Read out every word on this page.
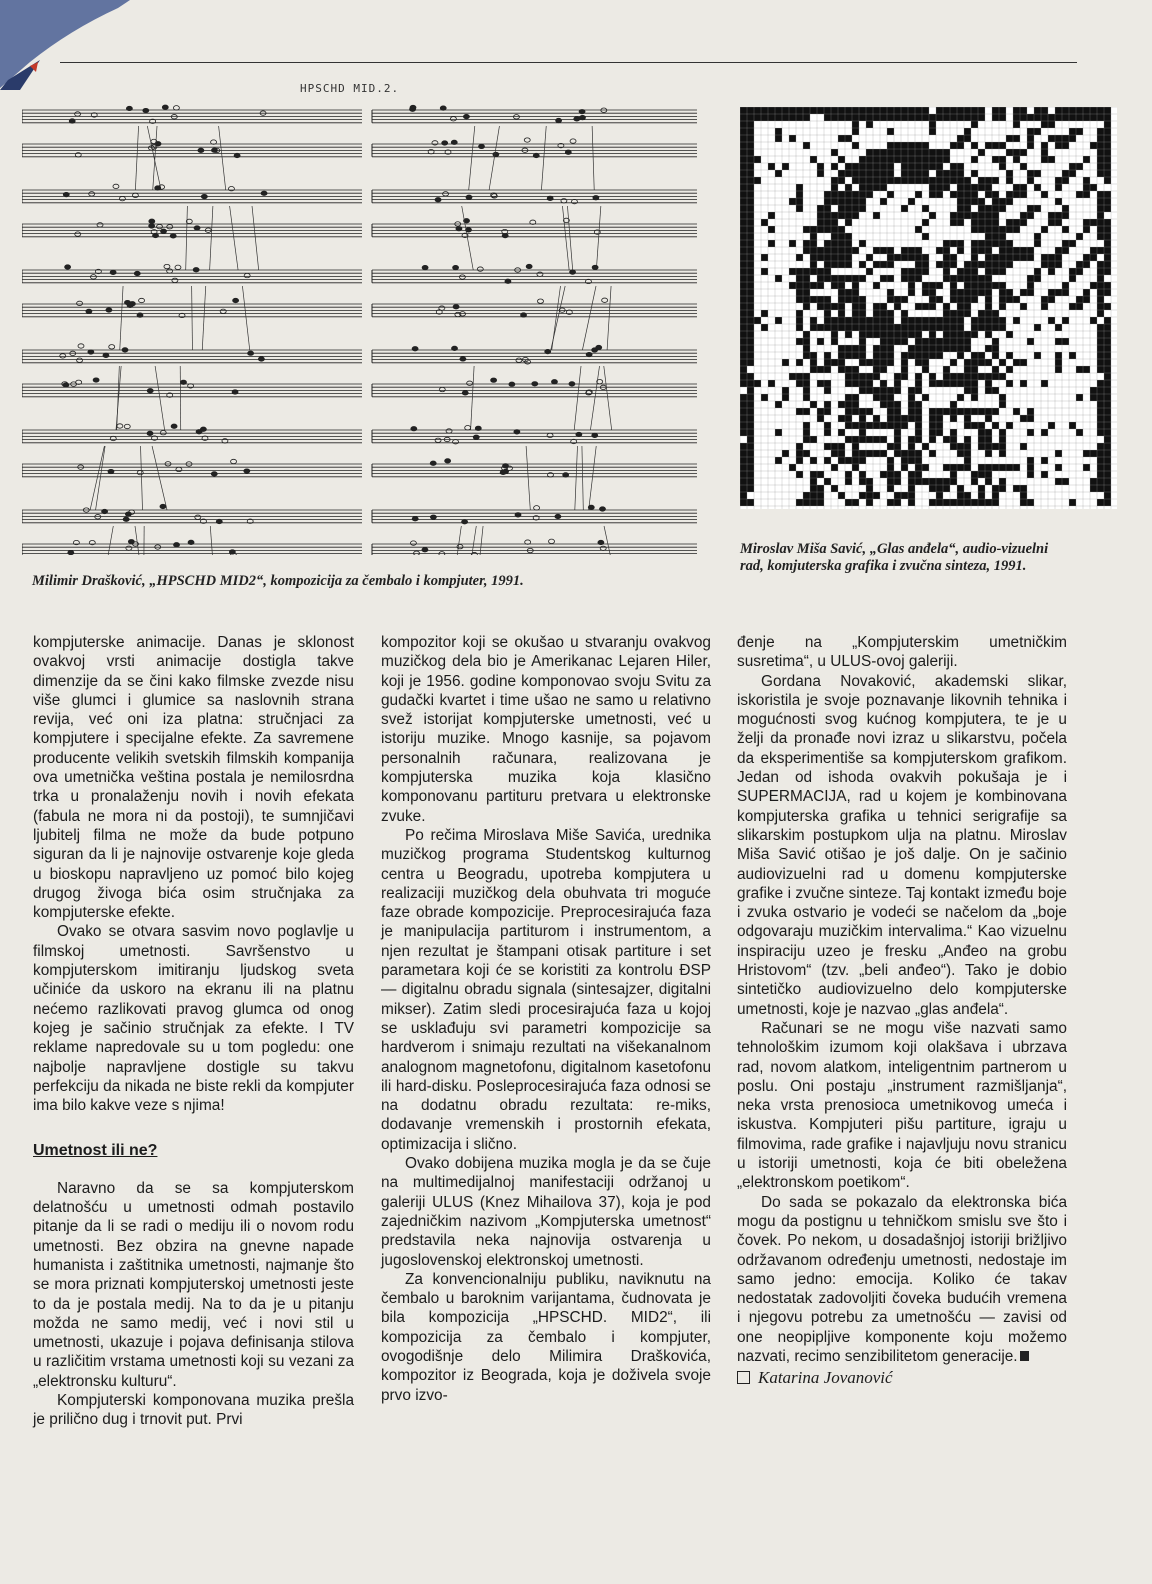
HPSCHD MID.2.
Milimir Drašković, „HPSCHD MID2“, kompozicija za čembalo i kompjuter, 1991.
Miroslav Miša Savić, „Glas anđela“, audio-vizuelni rad, komjuterska grafika i zvučna sinteza, 1991.

kompjuterske animacije. Danas je sklonost ovakvoj vrsti animacije dostigla takve dimenzije da se čini kako filmske zvezde nisu više glumci i glumice sa naslovnih strana revija, već oni iza platna: stručnjaci za kompjutere i specijalne efekte. Za savremene producente velikih svetskih filmskih kompanija ova umetnička veština postala je nemilosrdna trka u pronalaženju novih i novih efekata (fabula ne mora ni da postoji), te sumnjičavi ljubitelj filma ne može da bude potpuno siguran da li je najnovije ostvarenje koje gleda u bioskopu napravljeno uz pomoć bilo kojeg drugog živoga bića osim stručnjaka za kompjuterske efekte.

Ovako se otvara sasvim novo poglavlje u filmskoj umetnosti. Savršenstvo u kompjuterskom imitiranju ljudskog sveta učiniće da uskoro na ekranu ili na platnu nećemo razlikovati pravog glumca od onog kojeg je sačinio stručnjak za efekte. I TV reklame napredovale su u tom pogledu: one najbolje napravljene dostigle su takvu perfekciju da nikada ne biste rekli da kompjuter ima bilo kakve veze s njima!

Umetnost ili ne?

Naravno da se sa kompjuterskom delatnošću u umetnosti odmah postavilo pitanje da li se radi o mediju ili o novom rodu umetnosti. Bez obzira na gnevne napade humanista i zaštitnika umetnosti, najmanje što se mora priznati kompjuterskoj umetnosti jeste to da je postala medij. Na to da je u pitanju možda ne samo medij, već i novi stil u umetnosti, ukazuje i pojava definisanja stilova u različitim vrstama umetnosti koji su vezani za „elektronsku kulturu“.

Kompjuterski komponovana muzika prešla je prilično dug i trnovit put. Prvi

kompozitor koji se okušao u stvaranju ovakvog muzičkog dela bio je Amerikanac Lejaren Hiler, koji je 1956. godine komponovao svoju Svitu za gudački kvartet i time ušao ne samo u relativno svež istorijat kompjuterske umetnosti, već u istoriju muzike. Mnogo kasnije, sa pojavom personalnih računara, realizovana je kompjuterska muzika koja klasično komponovanu partituru pretvara u elektronske zvuke.

Po rečima Miroslava Miše Savića, urednika muzičkog programa Studentskog kulturnog centra u Beogradu, upotreba kompjutera u realizaciji muzičkog dela obuhvata tri moguće faze obrade kompozicije. Preprocesirajuća faza je manipulacija partiturom i instrumentom, a njen rezultat je štampani otisak partiture i set parametara koji će se koristiti za kontrolu ĐSP — digitalnu obradu signala (sintesajzer, digitalni mikser). Zatim sledi procesirajuća faza u kojoj se usklađuju svi parametri kompozicije sa hardverom i snimaju rezultati na višekanalnom analognom magnetofonu, digitalnom kasetofonu ili hard-disku. Posleprocesirajuća faza odnosi se na dodatnu obradu rezultata: re-miks, dodavanje vremenskih i prostornih efekata, optimizacija i slično.

Ovako dobijena muzika mogla je da se čuje na multimedijalnoj manifestaciji održanoj u galeriji ULUS (Knez Mihailova 37), koja je pod zajedničkim nazivom „Kompjuterska umetnost“ predstavila neka najnovija ostvarenja u jugoslovenskoj elektronskoj umetnosti.

Za konvencionalniju publiku, naviknutu na čembalo u baroknim varijantama, čudnovata je bila kompozicija „HPSCHD. MID2“, ili kompozicija za čembalo i kompjuter, ovogodišnje delo Milimira Draškovića, kompozitor iz Beograda, koja je doživela svoje prvo izvo-

đenje na „Kompjuterskim umetničkim susretima“, u ULUS-ovoj galeriji.

Gordana Novaković, akademski slikar, iskoristila je svoje poznavanje likovnih tehnika i mogućnosti svog kućnog kompjutera, te je u želji da pronađe novi izraz u slikarstvu, počela da eksperimentiše sa kompjuterskom grafikom. Jedan od ishoda ovakvih pokušaja je i SUPERMACIJA, rad u kojem je kombinovana kompjuterska grafika u tehnici serigrafije sa slikarskim postupkom ulja na platnu. Miroslav Miša Savić otišao je još dalje. On je sačinio audiovizuelni rad u domenu kompjuterske grafike i zvučne sinteze. Taj kontakt između boje i zvuka ostvario je vodeći se načelom da „boje odgovaraju muzičkim intervalima.“ Kao vizuelnu inspiraciju uzeo je fresku „Anđeo na grobu Hristovom“ (tzv. „beli anđeo“). Tako je dobio sintetičko audiovizuelno delo kompjuterske umetnosti, koje je nazvao „glas anđela“.

Računari se ne mogu više nazvati samo tehnološkim izumom koji olakšava i ubrzava rad, novom alatkom, inteligentnim partnerom u poslu. Oni postaju „instrument razmišljanja“, neka vrsta prenosioca umetnikovog umeća i iskustva. Kompjuteri pišu partiture, igraju u filmovima, rade grafike i najavljuju novu stranicu u istoriji umetnosti, koja će biti obeležena „elektronskom poetikom“.

Do sada se pokazalo da elektronska bića mogu da postignu u tehničkom smislu sve što i čovek. Po nekom, u dosadašnjoj istoriji brižljivo održavanom određenju umetnosti, nedostaje im samo jedno: emocija. Koliko će takav nedostatak zadovoljiti čoveka budućih vremena i njegovu potrebu za umetnošću — zavisi od one neopipljive komponente koju možemo nazvati, recimo senzibilitetom generacije.

Katarina Jovanović
